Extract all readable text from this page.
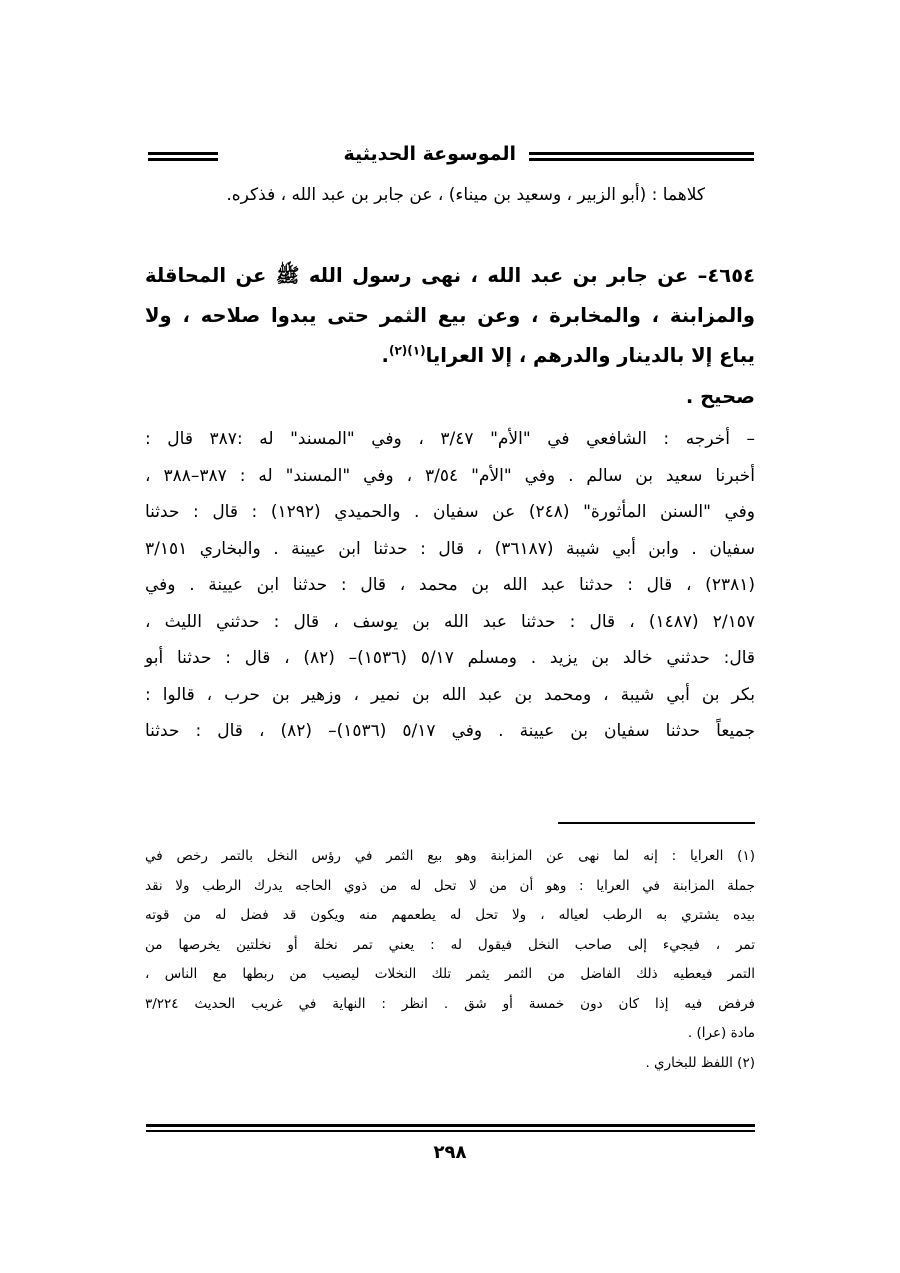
الموسوعة الحديثية
كلاهما : (أبو الزبير ، وسعيد بن ميناء) ، عن جابر بن عبد الله ، فذكره.
٤٦٥٤– عن جابر بن عبد الله ، نهى رسول الله ﷺ عن المحاقلة
والمزابنة ، والمخابرة ، وعن بيع الثمر حتى يبدوا صلاحه ، ولا
يباع إلا بالدينار والدرهم ، إلا العرايا$^{(١)(٢)}$.
صحيح .
– أخرجه : الشافعي في "الأم" ٣/٤٧ ، وفي "المسند" له :٣٨٧ قال :
أخبرنا سعيد بن سالم . وفي "الأم" ٣/٥٤ ، وفي "المسند" له : ٣٨٧–٣٨٨ ،
وفي "السنن المأثورة" (٢٤٨) عن سفيان . والحميدي (١٢٩٢) : قال : حدثنا
سفيان . وابن أبي شيبة (٣٦١٨٧) ، قال : حدثنا ابن عيينة . والبخاري ٣/١٥١
(٢٣٨١) ، قال : حدثنا عبد الله بن محمد ، قال : حدثنا ابن عيينة . وفي
٢/١٥٧ (١٤٨٧) ، قال : حدثنا عبد الله بن يوسف ، قال : حدثني الليث ،
قال: حدثني خالد بن يزيد . ومسلم ٥/١٧ (١٥٣٦)– (٨٢) ، قال : حدثنا أبو
بكر بن أبي شيبة ، ومحمد بن عبد الله بن نمير ، وزهير بن حرب ، قالوا :
جميعاً حدثنا سفيان بن عيينة . وفي ٥/١٧ (١٥٣٦)– (٨٢) ، قال : حدثنا
(١) العرايا : إنه لما نهى عن المزابنة وهو بيع الثمر في رؤس النخل بالتمر رخص في
جملة المزابنة في العرايا : وهو أن من لا تحل له من ذوي الحاجه يدرك الرطب ولا نقد
بيده يشتري به الرطب لعياله ، ولا تحل له يطعمهم منه ويكون قد فضل له من قوته
تمر ، فيجيء إلى صاحب النخل فيقول له : يعني تمر نخلة أو نخلتين يخرصها من
التمر فيعطيه ذلك الفاضل من الثمر يثمر تلك النخلات ليصيب من ربطها مع الناس ،
فرفض فيه إذا كان دون خمسة أو شق . انظر : النهاية في غريب الحديث ٣/٢٢٤
مادة (عرا) .
(٢) اللفظ للبخاري .
٢٩٨
